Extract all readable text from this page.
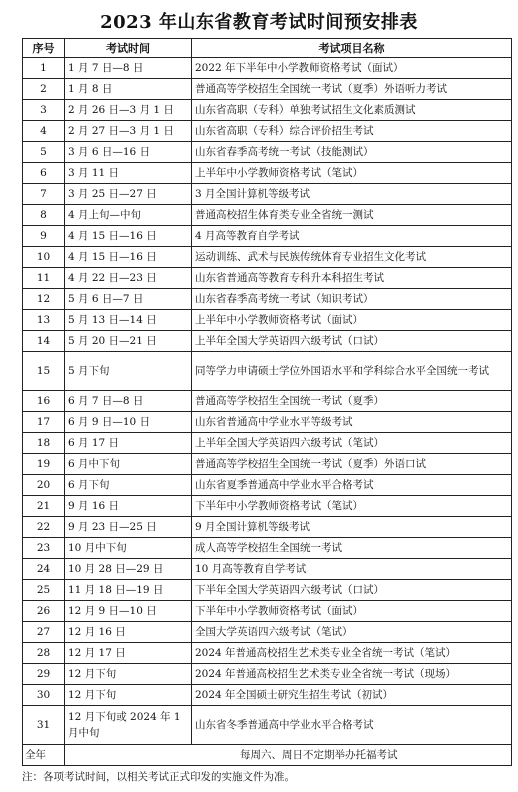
2023 年山东省教育考试时间预安排表
序号	考试时间	考试项目名称
1	1 月 7 日—8 日	2022 年下半年中小学教师资格考试（面试）
2	1 月 8 日	普通高等学校招生全国统一考试（夏季）外语听力考试
3	2 月 26 日—3 月 1 日	山东省高职（专科）单独考试招生文化素质测试
4	2 月 27 日—3 月 1 日	山东省高职（专科）综合评价招生考试
5	3 月 6 日—16 日	山东省春季高考统一考试（技能测试）
6	3 月 11 日	上半年中小学教师资格考试（笔试）
7	3 月 25 日—27 日	3 月全国计算机等级考试
8	4 月上旬—中旬	普通高校招生体育类专业全省统一测试
9	4 月 15 日—16 日	4 月高等教育自学考试
10	4 月 15 日—16 日	运动训练、武术与民族传统体育专业招生文化考试
11	4 月 22 日—23 日	山东省普通高等教育专科升本科招生考试
12	5 月 6 日—7 日	山东省春季高考统一考试（知识考试）
13	5 月 13 日—14 日	上半年中小学教师资格考试（面试）
14	5 月 20 日—21 日	上半年全国大学英语四六级考试（口试）
15	5 月下旬	同等学力申请硕士学位外国语水平和学科综合水平全国统一考试
16	6 月 7 日—8 日	普通高等学校招生全国统一考试（夏季）
17	6 月 9 日—10 日	山东省普通高中学业水平等级考试
18	6 月 17 日	上半年全国大学英语四六级考试（笔试）
19	6 月中下旬	普通高等学校招生全国统一考试（夏季）外语口试
20	6 月下旬	山东省夏季普通高中学业水平合格考试
21	9 月 16 日	下半年中小学教师资格考试（笔试）
22	9 月 23 日—25 日	9 月全国计算机等级考试
23	10 月中下旬	成人高等学校招生全国统一考试
24	10 月 28 日—29 日	10 月高等教育自学考试
25	11 月 18 日—19 日	下半年全国大学英语四六级考试（口试）
26	12 月 9 日—10 日	下半年中小学教师资格考试（面试）
27	12 月 16 日	全国大学英语四六级考试（笔试）
28	12 月 17 日	2024 年普通高校招生艺术类专业全省统一考试（笔试）
29	12 月下旬	2024 年普通高校招生艺术类专业全省统一考试（现场）
30	12 月下旬	2024 年全国硕士研究生招生考试（初试）
31	12 月下旬或 2024 年 1 月中旬	山东省冬季普通高中学业水平合格考试
全年	每周六、周日不定期举办托福考试	
注：各项考试时间，以相关考试正式印发的实施文件为准。
